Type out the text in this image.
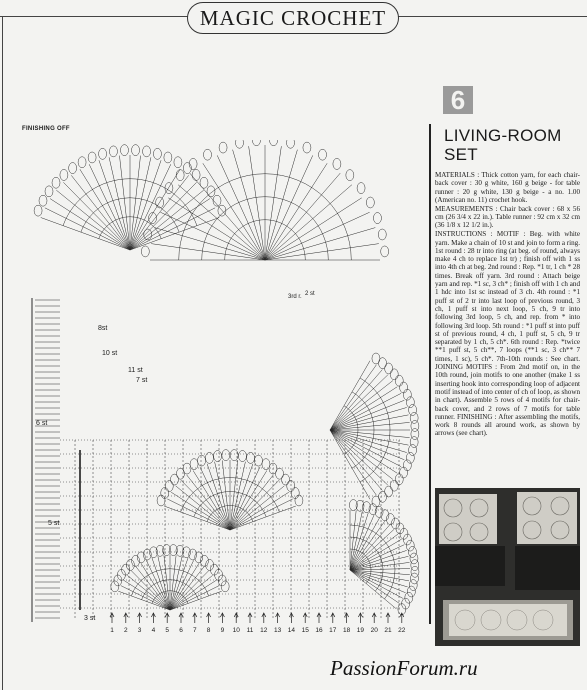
MAGIC CROCHET
FINISHING OFF
8st
10 st
11 st
7 st
6 st
5 st
3 st
3rd r. 2 st
1 2 3 4 5 6 7 8 9 10 11 12 13 14 15 16 17 18 19 20 21 22
6
LIVING-ROOM
SET

MATERIALS : Thick cotton yarn, for each chair-back cover : 30 g white, 160 g beige - for table runner : 20 g white, 130 g beige - a no. 1.00 (American no. 11) crochet hook.

MEASUREMENTS : Chair back cover : 68 x 56 cm (26 3/4 x 22 in.). Table runner : 92 cm x 32 cm (36 1/8 x 12 1/2 in.).

INSTRUCTIONS : MOTIF : Beg. with white yarn. Make a chain of 10 st and join to form a ring. 1st round : 28 tr into ring (at beg. of round, always make 4 ch to replace 1st tr) ; finish off with 1 ss into 4th ch at beg. 2nd round : Rep. *1 tr, 1 ch * 28 times. Break off yarn. 3rd round : Attach beige yarn and rep. *1 sc, 3 ch* ; finish off with 1 ch and 1 hdc into 1st sc instead of 3 ch. 4th round : *1 puff st of 2 tr into last loop of previous round, 3 ch, 1 puff st into next loop, 5 ch, 9 tr into following 3rd loop, 5 ch, and rep. from * into following 3rd loop. 5th round : *1 puff st into puff st of previous round, 4 ch, 1 puff st, 5 ch, 9 tr separated by 1 ch, 5 ch*. 6th round : Rep. *twice **1 puff st, 5 ch**, 7 loops (**1 sc, 3 ch** 7 times, 1 sc), 5 ch*. 7th-10th rounds : See chart. JOINING MOTIFS : From 2nd motif on, in the 10th round, join motifs to one another (make 1 ss inserting hook into corresponding loop of adjacent motif instead of into center of ch of loop, as shown in chart). Assemble 5 rows of 4 motifs for chair-back cover, and 2 rows of 7 motifs for table runner. FINISHING : After assembling the motifs, work 8 rounds all around work, as shown by arrows (see chart).

PassionForum.ru
